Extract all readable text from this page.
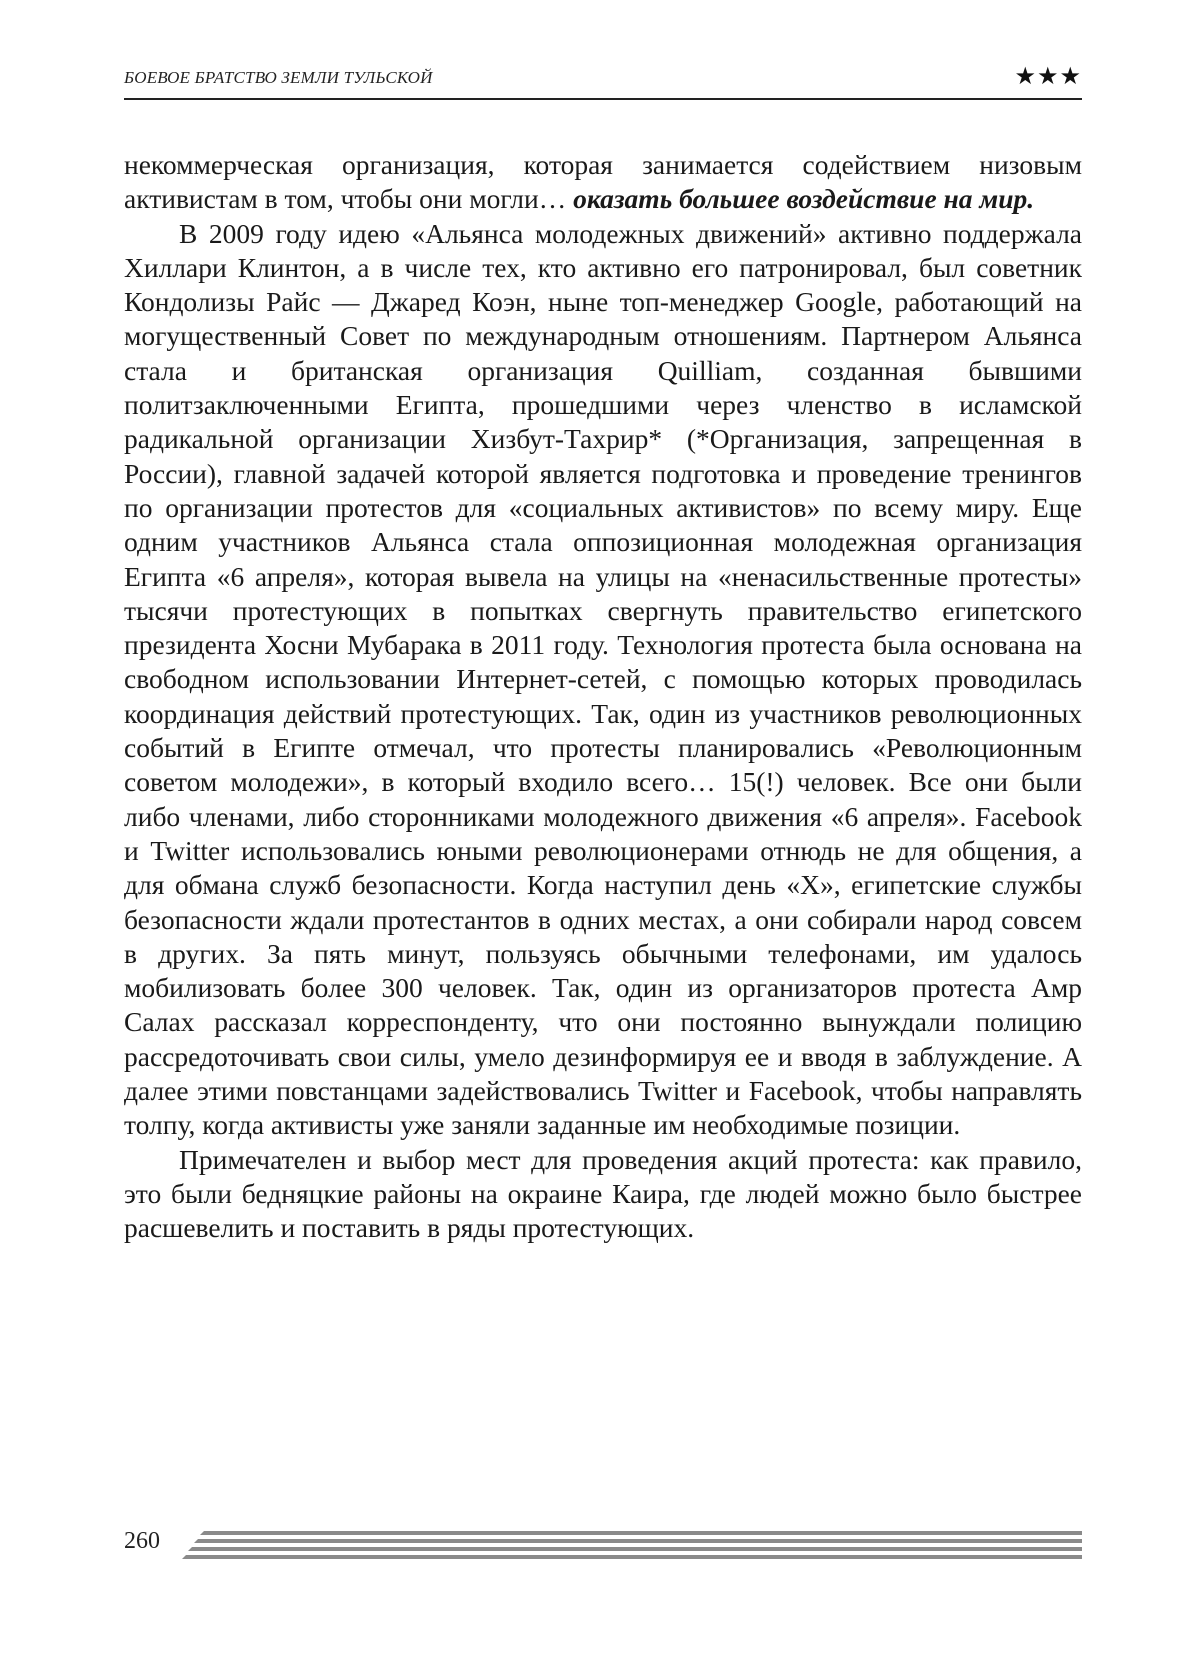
БОЕВОЕ БРАТСТВО ЗЕМЛИ ТУЛЬСКОЙ	★★★

некоммерческая организация, которая занимается содействием низовым активистам в том, чтобы они могли… оказать большее воздействие на мир.

В 2009 году идею «Альянса молодежных движений» активно поддержала Хиллари Клинтон, а в числе тех, кто активно его патронировал, был советник Кондолизы Райс — Джаред Коэн, ныне топ-менеджер Google, работающий на могущественный Совет по международным отношениям. Партнером Альянса стала и британская организация Quilliam, созданная бывшими политзаключенными Египта, прошедшими через членство в исламской радикальной организации Хизбут-Тахрир* (*Организация, запрещенная в России), главной задачей которой является подготовка и проведение тренингов по организации протестов для «социальных активистов» по всему миру. Еще одним участников Альянса стала оппозиционная молодежная организация Египта «6 апреля», которая вывела на улицы на «ненасильственные протесты» тысячи протестующих в попытках свергнуть правительство египетского президента Хосни Мубарака в 2011 году. Технология протеста была основана на свободном использовании Интернет-сетей, с помощью которых проводилась координация действий протестующих. Так, один из участников революционных событий в Египте отмечал, что протесты планировались «Революционным советом молодежи», в который входило всего… 15(!) человек. Все они были либо членами, либо сторонниками молодежного движения «6 апреля». Facebook и Twitter использовались юными революционерами отнюдь не для общения, а для обмана служб безопасности. Когда наступил день «Х», египетские службы безопасности ждали протестантов в одних местах, а они собирали народ совсем в других. За пять минут, пользуясь обычными телефонами, им удалось мобилизовать более 300 человек. Так, один из организаторов протеста Амр Салах рассказал корреспонденту, что они постоянно вынуждали полицию рассредоточивать свои силы, умело дезинформируя ее и вводя в заблуждение. А далее этими повстанцами задействовались Twitter и Facebook, чтобы направлять толпу, когда активисты уже заняли заданные им необходимые позиции.

Примечателен и выбор мест для проведения акций протеста: как правило, это были бедняцкие районы на окраине Каира, где людей можно было быстрее расшевелить и поставить в ряды протестующих.

260
